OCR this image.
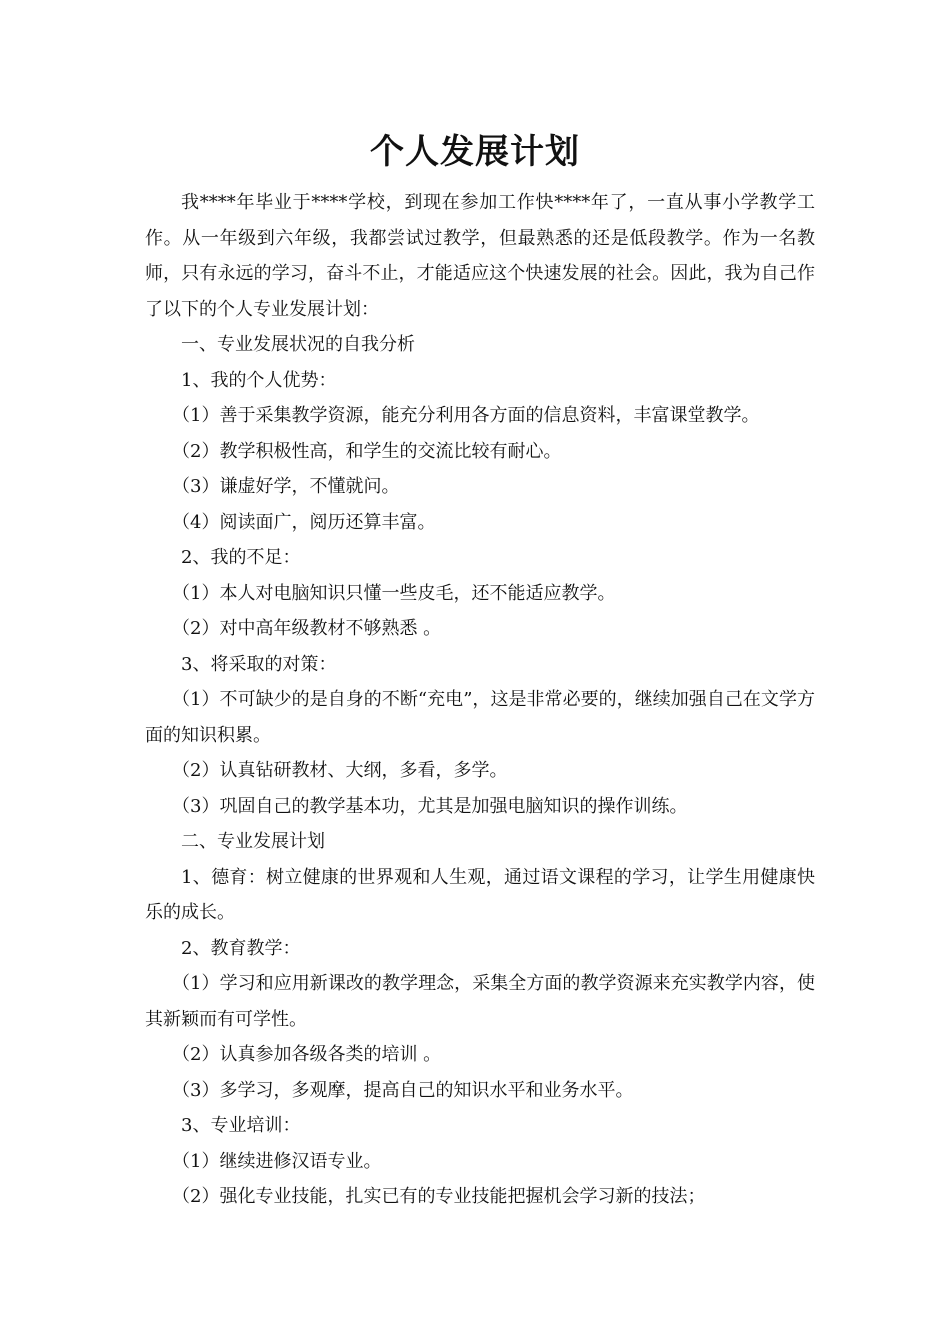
个人发展计划

我****年毕业于****学校，到现在参加工作快****年了，一直从事小学教学工作。从一年级到六年级，我都尝试过教学，但最熟悉的还是低段教学。作为一名教师，只有永远的学习，奋斗不止，才能适应这个快速发展的社会。因此，我为自己作了以下的个人专业发展计划：

一、专业发展状况的自我分析

1、我的个人优势：

（1）善于采集教学资源，能充分利用各方面的信息资料，丰富课堂教学。

（2）教学积极性高，和学生的交流比较有耐心。

（3）谦虚好学，不懂就问。

（4）阅读面广，阅历还算丰富。

2、我的不足：

（1）本人对电脑知识只懂一些皮毛，还不能适应教学。

（2）对中高年级教材不够熟悉 。

3、将采取的对策：

（1）不可缺少的是自身的不断“充电”，这是非常必要的，继续加强自己在文学方面的知识积累。

（2）认真钻研教材、大纲，多看，多学。

（3）巩固自己的教学基本功，尤其是加强电脑知识的操作训练。

二、专业发展计划

1、德育：树立健康的世界观和人生观，通过语文课程的学习，让学生用健康快乐的成长。

2、教育教学：

（1）学习和应用新课改的教学理念，采集全方面的教学资源来充实教学内容，使其新颖而有可学性。

（2）认真参加各级各类的培训 。

（3）多学习，多观摩，提高自己的知识水平和业务水平。

3、专业培训：

（1）继续进修汉语专业。

（2）强化专业技能，扎实已有的专业技能把握机会学习新的技法；
